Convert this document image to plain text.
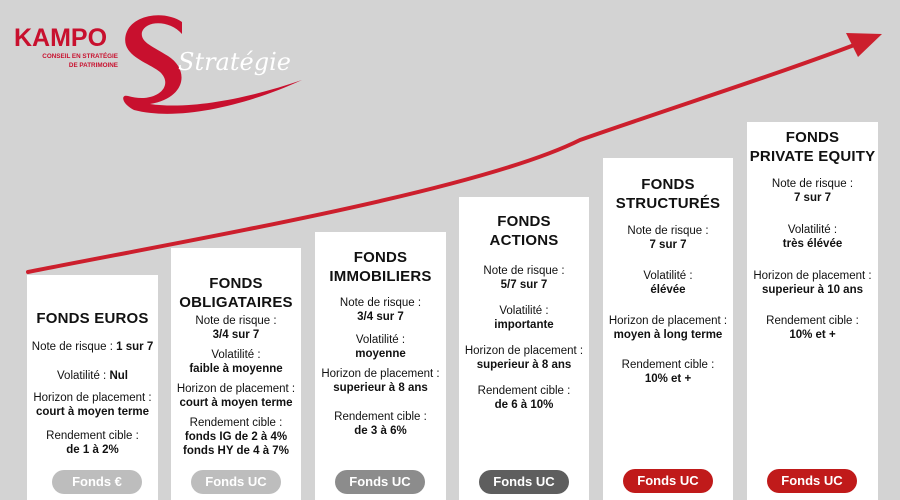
KAMPO
CONSEIL EN STRATÉGIE
DE PATRIMOINE	Stratégie
FONDS EUROS
Note de risque : 1 sur 7
Volatilité : Nul
Horizon de placement :
court à moyen terme
Rendement cible :
de 1 à 2%
FONDS
OBLIGATAIRES
Note de risque :
3/4 sur 7
Volatilité :
faible à moyenne
Horizon de placement :
court à moyen terme
Rendement cible :
fonds IG de 2 à 4%
fonds HY de 4 à 7%
FONDS
IMMOBILIERS
Note de risque :
3/4 sur 7
Volatilité :
moyenne
Horizon de placement :
superieur à 8 ans
Rendement cible :
de 3 à 6%
FONDS
ACTIONS
Note de risque :
5/7 sur 7
Volatilité :
importante
Horizon de placement :
superieur à 8 ans
Rendement cible :
de 6 à 10%
FONDS
STRUCTURÉS
Note de risque :
7 sur 7
Volatilité :
élévée
Horizon de placement :
moyen à long terme
Rendement cible :
10% et +
FONDS
PRIVATE EQUITY
Note de risque :
7 sur 7
Volatilité :
très élévée
Horizon de placement :
superieur à 10 ans
Rendement cible :
10% et +
Fonds €	Fonds UC	Fonds UC	Fonds UC	Fonds UC	Fonds UC
